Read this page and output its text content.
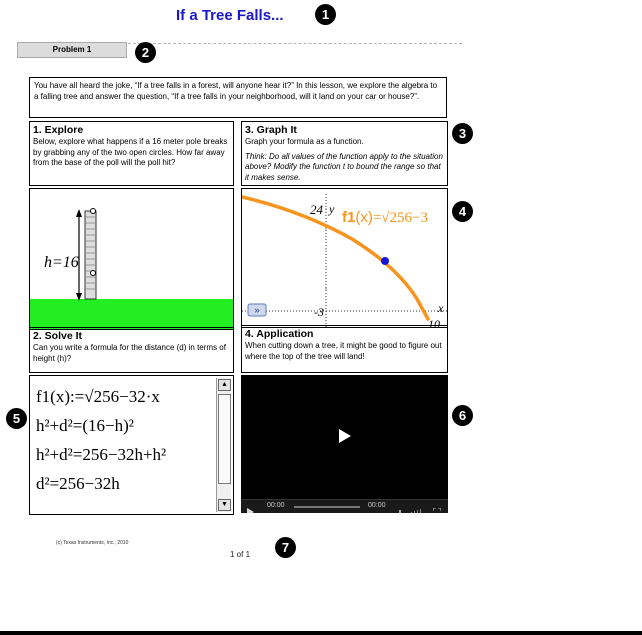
If a Tree Falls...	1
Problem 1	2
You have all heard the joke, “If a tree falls in a forest, will anyone hear it?” In this lesson, we explore the algebra to a falling tree and answer the question, “If a tree falls in your neighborhood, will it land on your car or house?”.
1. Explore

Below, explore what happens if a 16 meter pole breaks by grabbing any of the two open circles. How far away from the base of the poll will the poll hit?

3. Graph It

Graph your formula as a function.

Think: Do all values of the function apply to the situation above? Modify the function t to bound the range so that it makes sense.

3
h=16
»
24 y
x
-3
10
f1(x)=√256−3	4
2. Solve It

Can you write a formula for the distance (d) in terms of height (h)?

4. Application

When cutting down a tree, it might be good to figure out where the top of the tree will land!

f1(x):=√256−32·x
h²+d²=(16−h)²
h²+d²=256−32h+h²
d²=256−32h
▲
▼
5
00:00	00:00
6
(c) Texas Instruments, Inc., 2010
1 of 1	7
